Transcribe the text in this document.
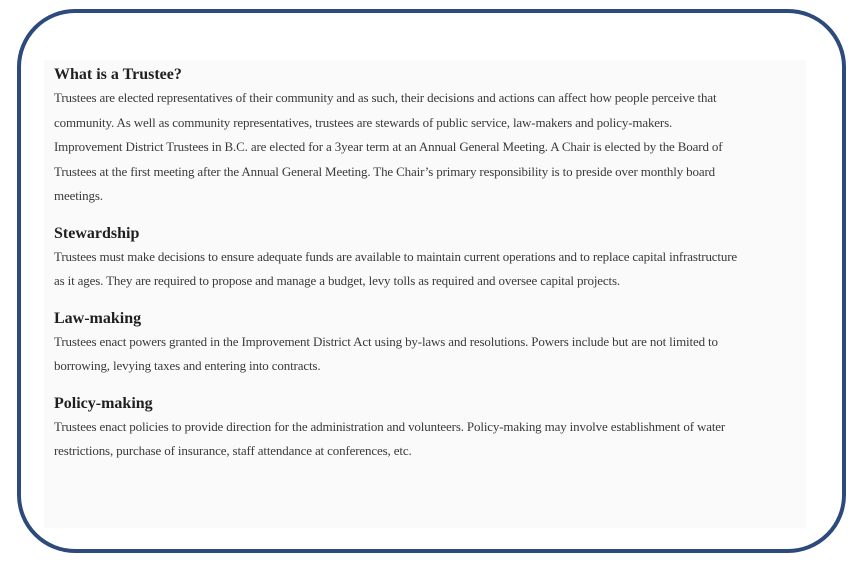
What is a Trustee?

Trustees are elected representatives of their community and as such, their decisions and actions can affect how people perceive that
community. As well as community representatives, trustees are stewards of public service, law-makers and policy-makers.
Improvement District Trustees in B.C. are elected for a 3year term at an Annual General Meeting. A Chair is elected by the Board of
Trustees at the first meeting after the Annual General Meeting. The Chair’s primary responsibility is to preside over monthly board
meetings.

Stewardship

Trustees must make decisions to ensure adequate funds are available to maintain current operations and to replace capital infrastructure
as it ages. They are required to propose and manage a budget, levy tolls as required and oversee capital projects.

Law-making

Trustees enact powers granted in the Improvement District Act using by-laws and resolutions. Powers include but are not limited to
borrowing, levying taxes and entering into contracts.

Policy-making

Trustees enact policies to provide direction for the administration and volunteers. Policy-making may involve establishment of water
restrictions, purchase of insurance, staff attendance at conferences, etc.
